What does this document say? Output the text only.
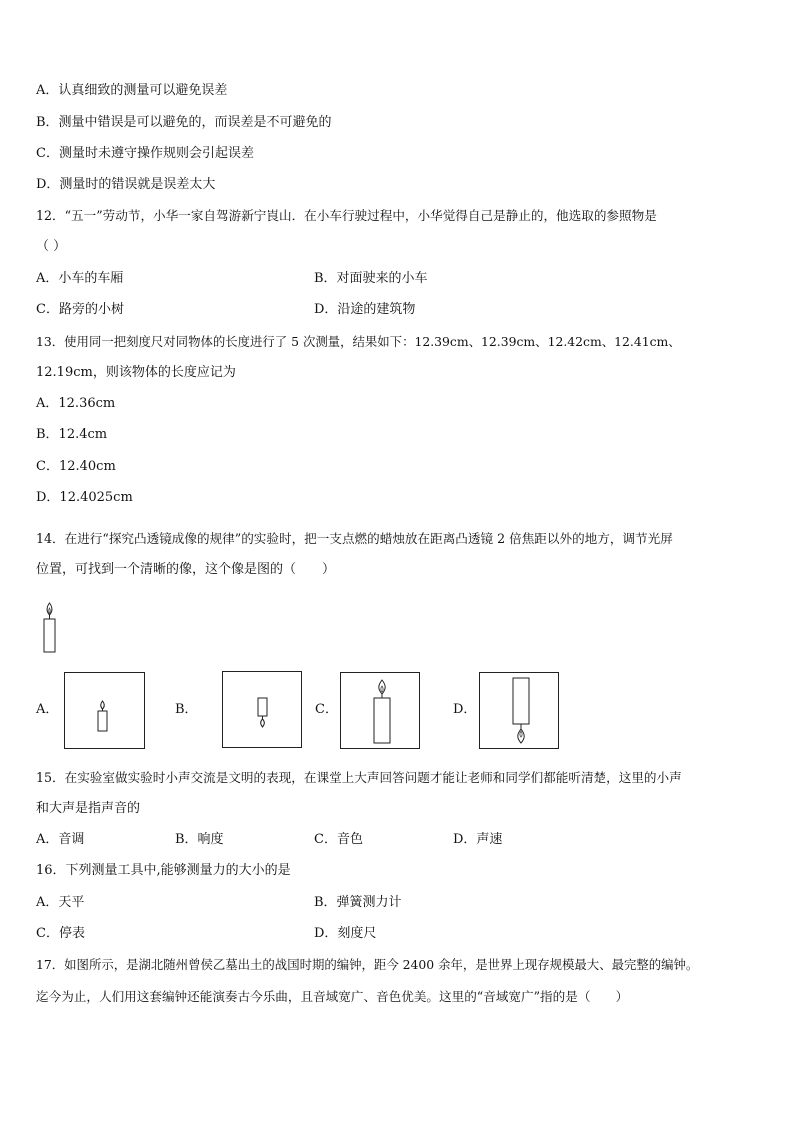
A．认真细致的测量可以避免误差
B．测量中错误是可以避免的，而误差是不可避免的
C．测量时未遵守操作规则会引起误差
D．测量时的错误就是误差太大
12．“五一”劳动节，小华一家自驾游新宁崀山．在小车行驶过程中，小华觉得自己是静止的，他选取的参照物是
（ ）
A．小车的车厢	B．对面驶来的小车
C．路旁的小树	D．沿途的建筑物
13．使用同一把刻度尺对同物体的长度进行了 5 次测量，结果如下：12.39cm、12.39cm、12.42cm、12.41cm、
12.19cm，则该物体的长度应记为
A．12.36cm
B．12.4cm
C．12.40cm
D．12.4025cm
14．在进行“探究凸透镜成像的规律”的实验时，把一支点燃的蜡烛放在距离凸透镜 2 倍焦距以外的地方，调节光屏
位置，可找到一个清晰的像，这个像是图的（　　）
A．	B．	C．	D．
15．在实验室做实验时小声交流是文明的表现，在课堂上大声回答问题才能让老师和同学们都能听清楚，这里的小声
和大声是指声音的
A．音调	B．响度	C．音色	D．声速
16．下列测量工具中,能够测量力的大小的是
A．天平	B．弹簧测力计
C．停表	D．刻度尺
17．如图所示，是湖北随州曾侯乙墓出土的战国时期的编钟，距今 2400 余年，是世界上现存规模最大、最完整的编钟。
迄今为止，人们用这套编钟还能演奏古今乐曲，且音域宽广、音色优美。这里的“音域宽广”指的是（　　）
